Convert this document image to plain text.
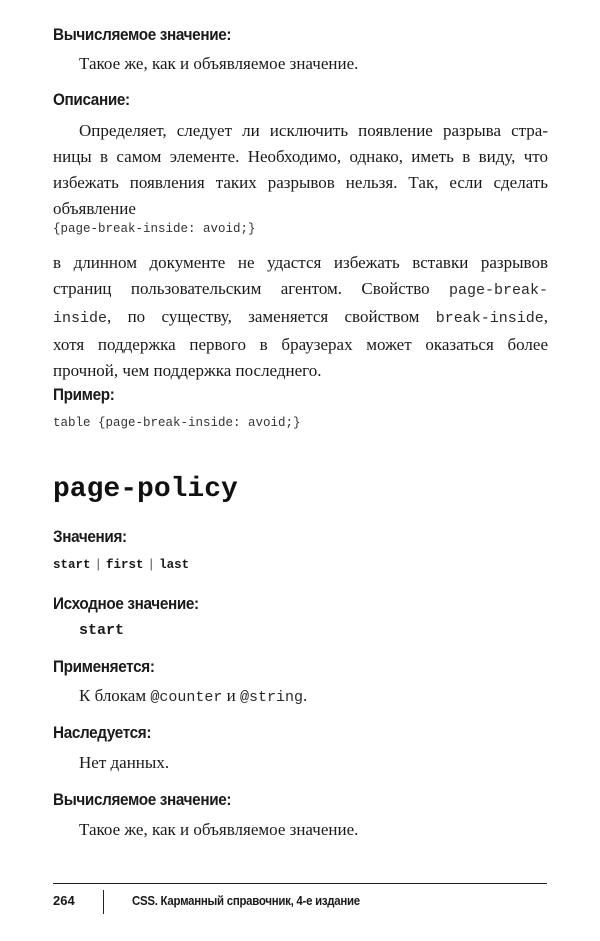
Вычисляемое значение:

Такое же, как и объявляемое значение.

Описание:

Определяет, следует ли исключить появление разрыва стра-
ницы в самом элементе. Необходимо, однако, иметь в виду, что
избежать появления таких разрывов нельзя. Так, если сделать
объявление

{page-break-inside: avoid;}

в длинном документе не удастся избежать вставки разрывов
страниц пользовательским агентом. Свойство page-break-
inside, по существу, заменяется свойством break-inside,
хотя поддержка первого в браузерах может оказаться более
прочной, чем поддержка последнего.

Пример:

table {page-break-inside: avoid;}

page-policy

Значения:

start | first | last

Исходное значение:

start

Применяется:

К блокам @counter и @string.

Наследуется:

Нет данных.

Вычисляемое значение:

Такое же, как и объявляемое значение.

264	CSS. Карманный справочник, 4-е издание
